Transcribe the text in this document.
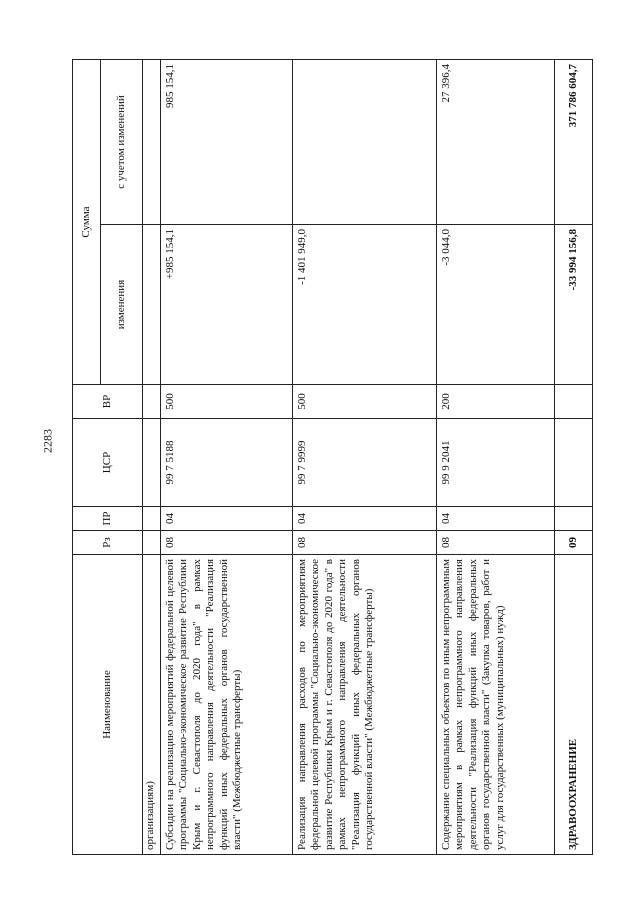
2283
Наименование	Рз	ПР	ЦСР	ВР	Сумма	
					изменения	с учетом изменений
организациям)						
Субсидии на реализацию мероприятий федеральной целевой программы "Социально-экономическое развитие Республики Крым и г. Севастополя до 2020 года" в рамках непрограммного направления деятельности "Реализация функций иных федеральных органов государственной власти" (Межбюджетные трансферты)	08	04	99 7 5188	500	+985 154,1	985 154,1
Реализация направления расходов по мероприятиям федеральной целевой программы "Социально-экономическое развитие Республики Крым и г. Севастополя до 2020 года" в рамках непрограммного направления деятельности "Реализация функций иных федеральных органов государственной власти" (Межбюджетные трансферты)	08	04	99 7 9999	500	-1 401 949,0	
Содержание специальных объектов по иным непрограммным мероприятиям в рамках непрограммного направления деятельности "Реализация функций иных федеральных органов государственной власти" (Закупка товаров, работ и услуг для государственных (муниципальных) нужд)	08	04	99 9 2041	200	-3 044,0	27 396,4
ЗДРАВООХРАНЕНИЕ	09				-33 994 156,8	371 786 604,7
